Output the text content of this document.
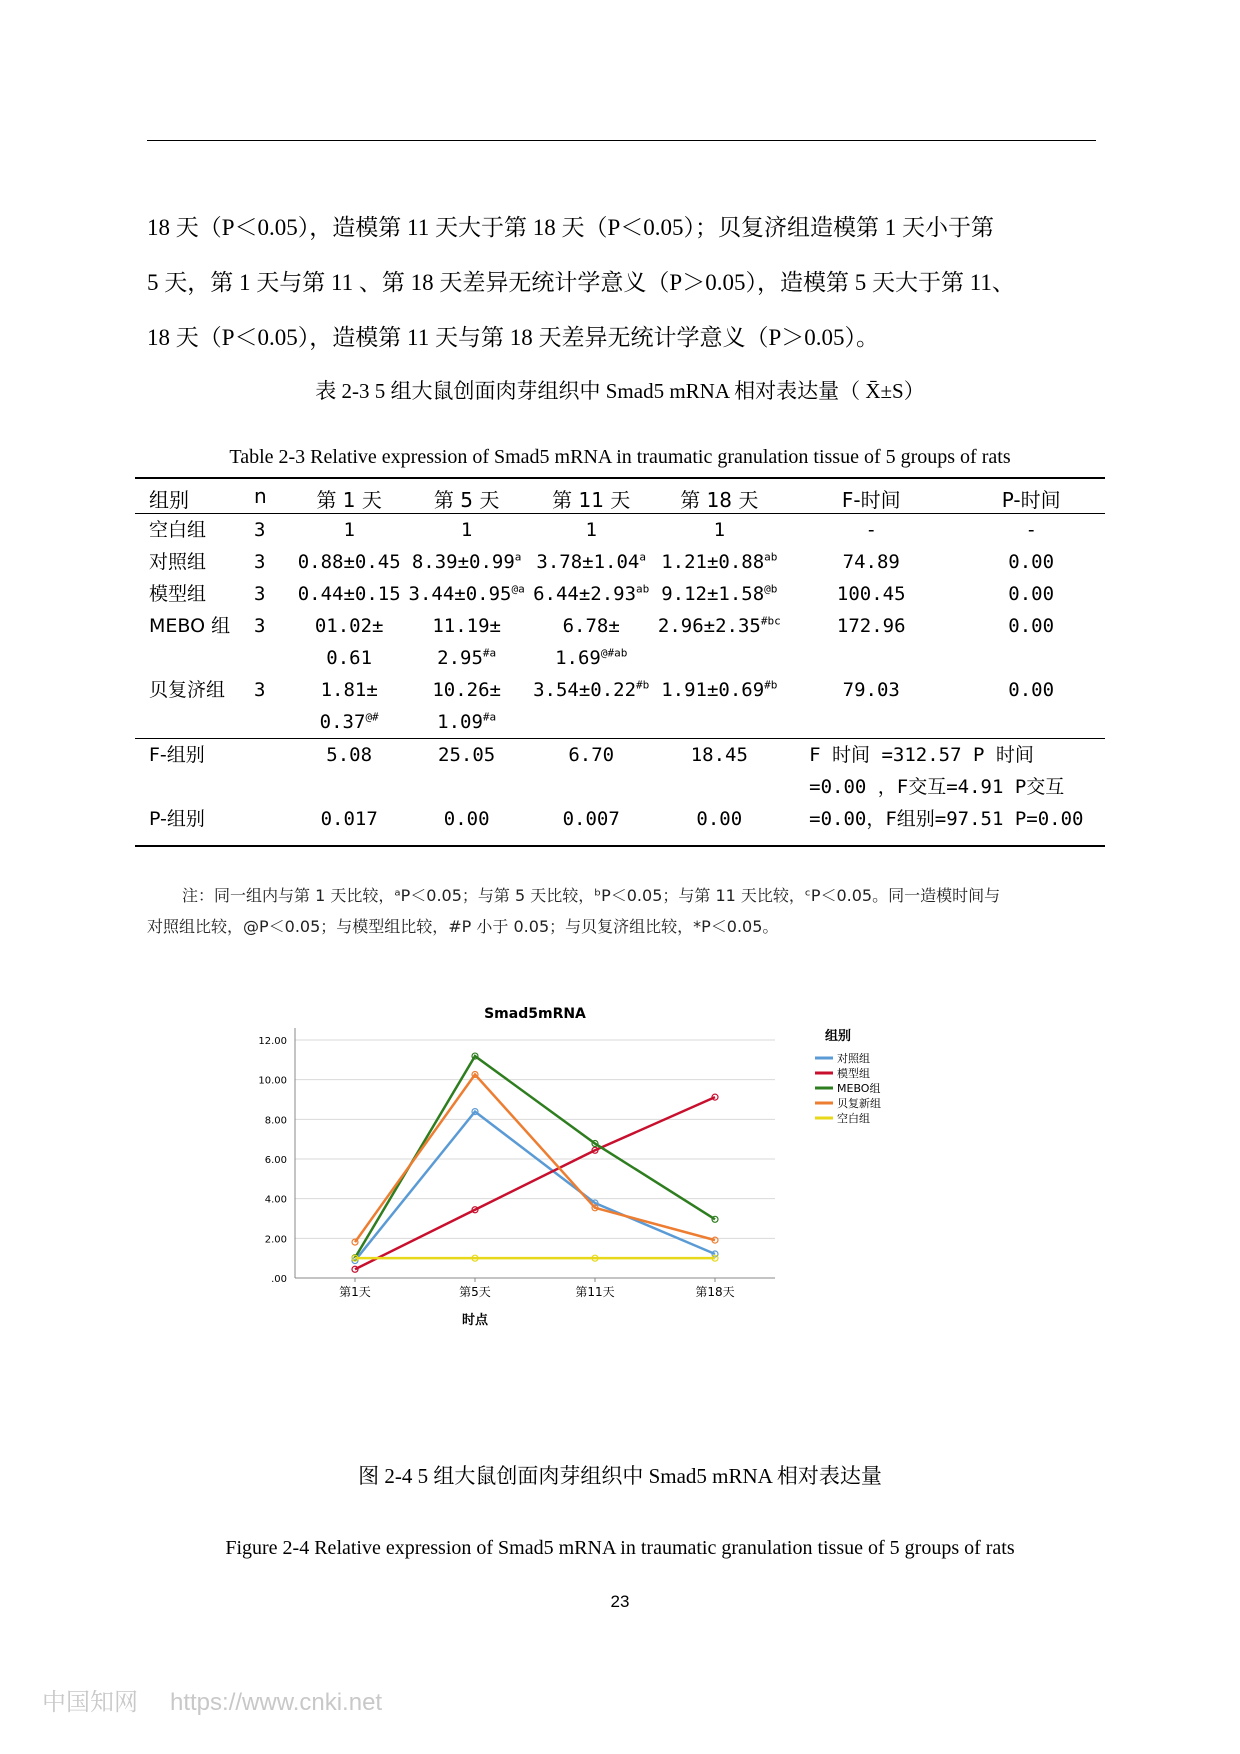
18 天（P＜0.05），造模第 11 天大于第 18 天（P＜0.05）；贝复济组造模第 1 天小于第
5 天，第 1 天与第 11 、第 18 天差异无统计学意义（P＞0.05），造模第 5 天大于第 11、
18 天（P＜0.05），造模第 11 天与第 18 天差异无统计学意义（P＞0.05）。
表 2-3 5 组大鼠创面肉芽组织中 Smad5 mRNA 相对表达量（ X̄±S）
Table 2-3 Relative expression of Smad5 mRNA in traumatic granulation tissue of 5 groups of rats
组别	n	第 1 天	第 5 天	第 11 天	第 18 天	F-时间	P-时间
空白组	3	1	1	1	1	-	-
对照组	3	0.88±0.45	8.39±0.99$^a$	3.78±1.04$^a$	1.21±0.88$^{ab}$	74.89	0.00
模型组	3	0.44±0.15	$3.44\pm 0.95^{@a}$	6.44±2.93$^{ab}$	$9.12\pm 1.58^{@b}$	100.45	0.00
MEBO 组	3	01.02±	11.19±	6.78±	$2.96\pm 2.35^{\#bc}$	172.96	0.00
		0.61	2.95$^{\#a}$	$1.69^{@\#ab}$			
贝复济组	3	1.81±	10.26±	$3.54\pm 0.22^{\#b}$	$1.91\pm 0.69^{\#b}$	79.03	0.00
		0.37@#	1.09$^{\#a}$				
F-组别		5.08	25.05	6.70	18.45	F 时间 =312.57 P 时间
=0.00 ，F交互=4.91 P交互
=0.00，F组别=97.51 P=0.00	

P-组别		0.017	0.00	0.007	0.00		

注：同一组内与第 1 天比较，ᵃP＜0.05；与第 5 天比较，ᵇP＜0.05；与第 11 天比较，ᶜP＜0.05。同一造模时间与
对照组比较，@P＜0.05；与模型组比较，#P 小于 0.05；与贝复济组比较，*P＜0.05。
Smad5mRNA
.00
2.00
4.00
6.00
8.00
10.00
12.00
第1天	第5天	第11天	第18天
时点
组别
对照组
模型组
MEBO组
贝复新组
空白组
图 2-4 5 组大鼠创面肉芽组织中 Smad5 mRNA 相对表达量
Figure 2-4 Relative expression of Smad5 mRNA in traumatic granulation tissue of 5 groups of rats
23
中国知网 https://www.cnki.net
